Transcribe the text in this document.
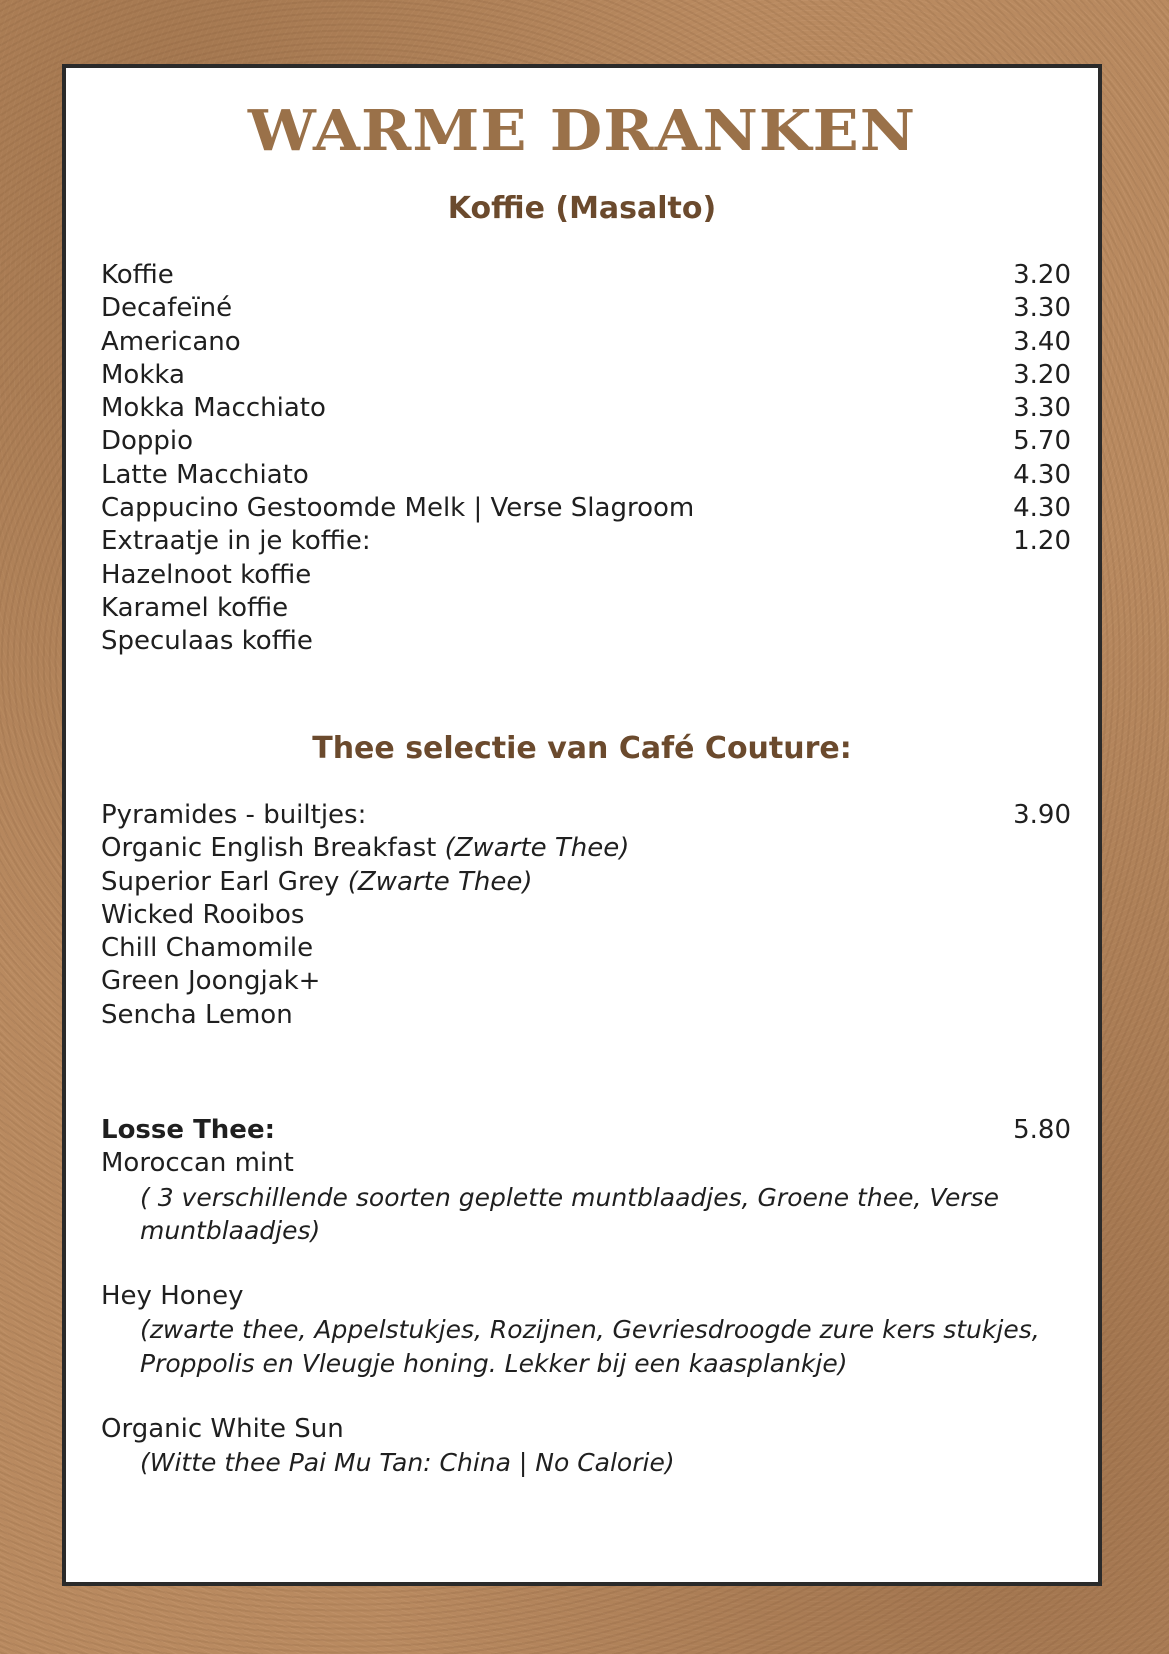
WARME DRANKEN
Koffie (Masalto)
Koffie	3.20
Decafeïné	3.30
Americano	3.40
Mokka	3.20
Mokka Macchiato	3.30
Doppio	5.70
Latte Macchiato	4.30
Cappucino Gestoomde Melk | Verse Slagroom	4.30
Extraatje in je koffie:	1.20
Hazelnoot koffie
Karamel koffie
Speculaas koffie
Thee selectie van Café Couture:
Pyramides - builtjes:	3.90
Organic English Breakfast (Zwarte Thee)
Superior Earl Grey (Zwarte Thee)
Wicked Rooibos
Chill Chamomile
Green Joongjak+
Sencha Lemon
Losse Thee:	5.80
Moroccan mint
( 3 verschillende soorten geplette muntblaadjes, Groene thee, Verse muntblaadjes)
Hey Honey
(zwarte thee, Appelstukjes, Rozijnen, Gevriesdroogde zure kers stukjes, Proppolis en Vleugje honing. Lekker bij een kaasplankje)
Organic White Sun
(Witte thee Pai Mu Tan: China | No Calorie)
